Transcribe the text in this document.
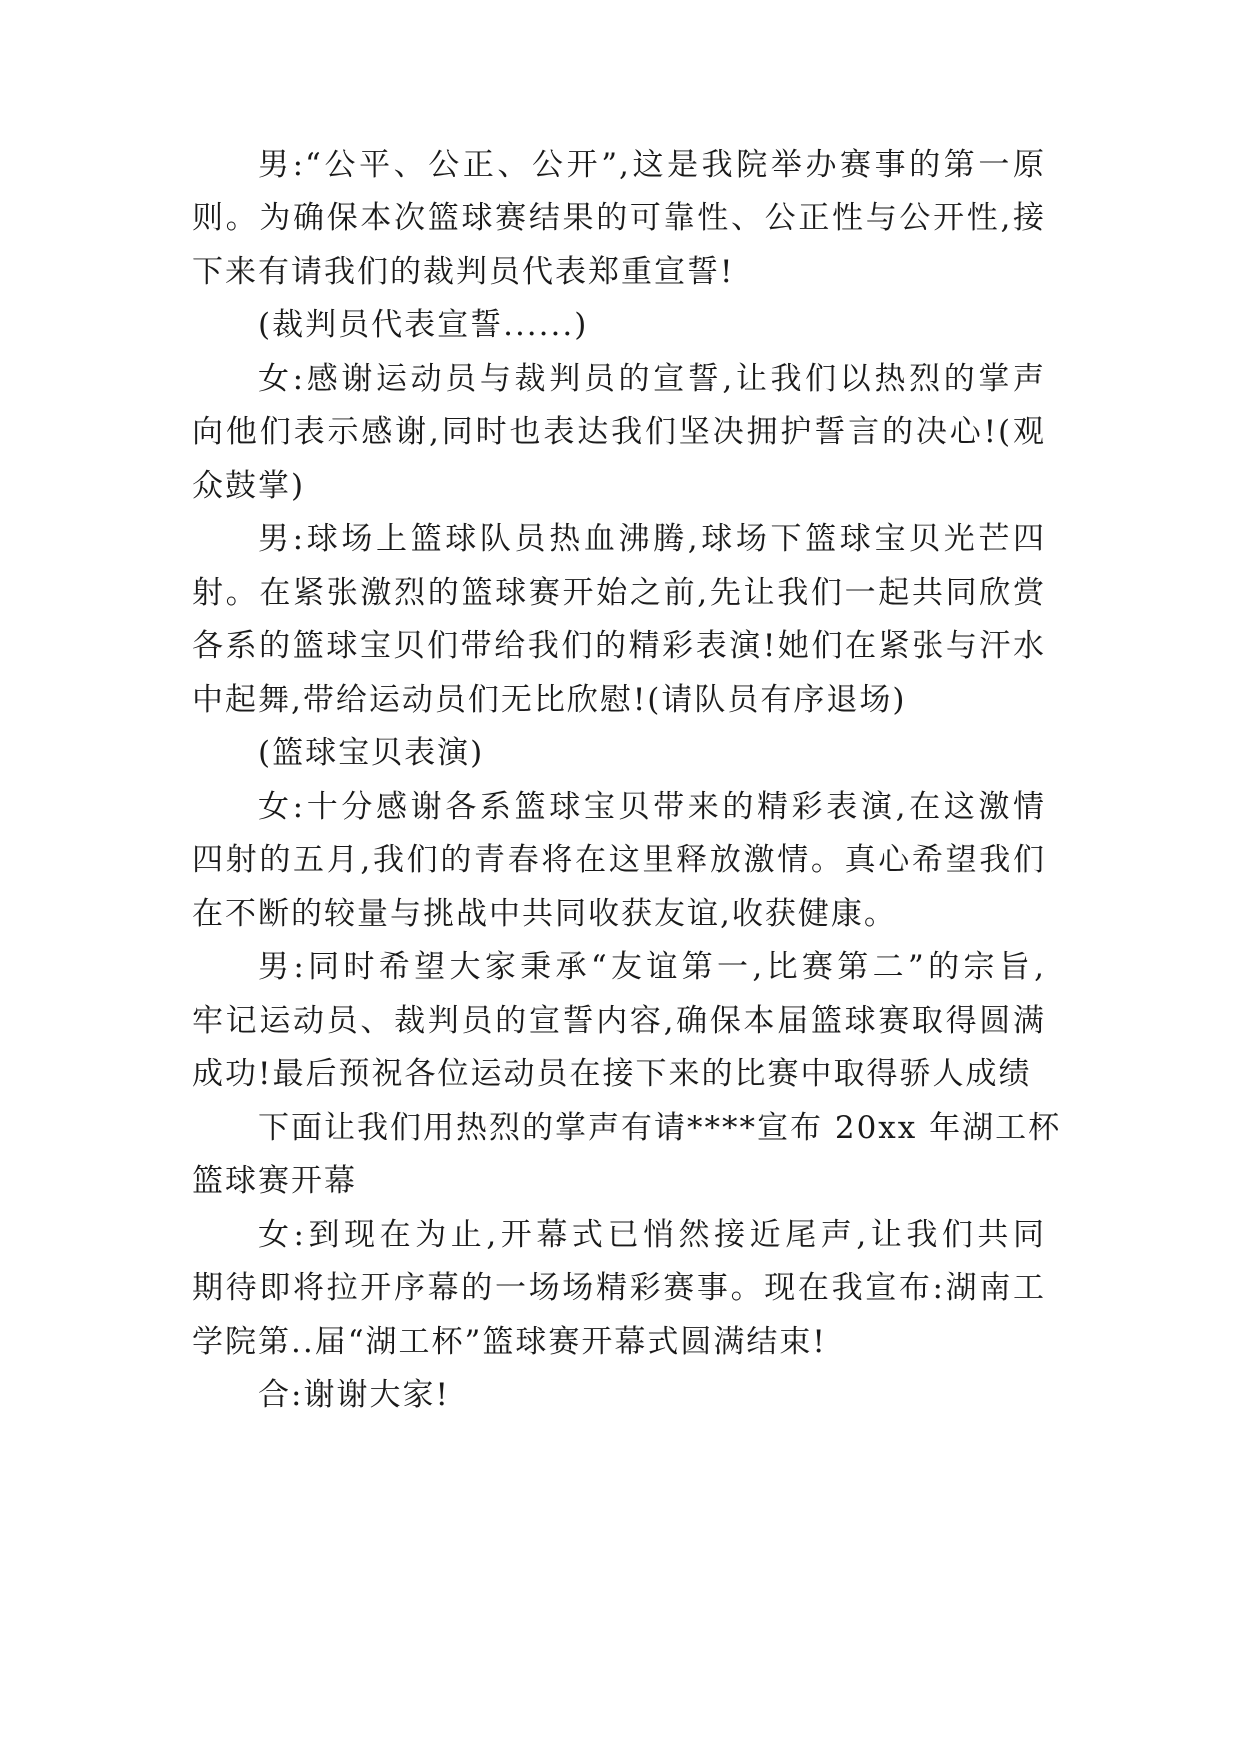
男:“公平、公正、公开”,这是我院举办赛事的第一原

则。为确保本次篮球赛结果的可靠性、公正性与公开性,接

下来有请我们的裁判员代表郑重宣誓!

(裁判员代表宣誓......)

女:感谢运动员与裁判员的宣誓,让我们以热烈的掌声

向他们表示感谢,同时也表达我们坚决拥护誓言的决心!(观

众鼓掌)

男:球场上篮球队员热血沸腾,球场下篮球宝贝光芒四

射。在紧张激烈的篮球赛开始之前,先让我们一起共同欣赏

各系的篮球宝贝们带给我们的精彩表演!她们在紧张与汗水

中起舞,带给运动员们无比欣慰!(请队员有序退场)

(篮球宝贝表演)

女:十分感谢各系篮球宝贝带来的精彩表演,在这激情

四射的五月,我们的青春将在这里释放激情。真心希望我们

在不断的较量与挑战中共同收获友谊,收获健康。

男:同时希望大家秉承“友谊第一,比赛第二”的宗旨,

牢记运动员、裁判员的宣誓内容,确保本届篮球赛取得圆满

成功!最后预祝各位运动员在接下来的比赛中取得骄人成绩

下面让我们用热烈的掌声有请****宣布 20xx 年湖工杯

篮球赛开幕

女:到现在为止,开幕式已悄然接近尾声,让我们共同

期待即将拉开序幕的一场场精彩赛事。现在我宣布:湖南工

学院第..届“湖工杯”篮球赛开幕式圆满结束!

合:谢谢大家!
